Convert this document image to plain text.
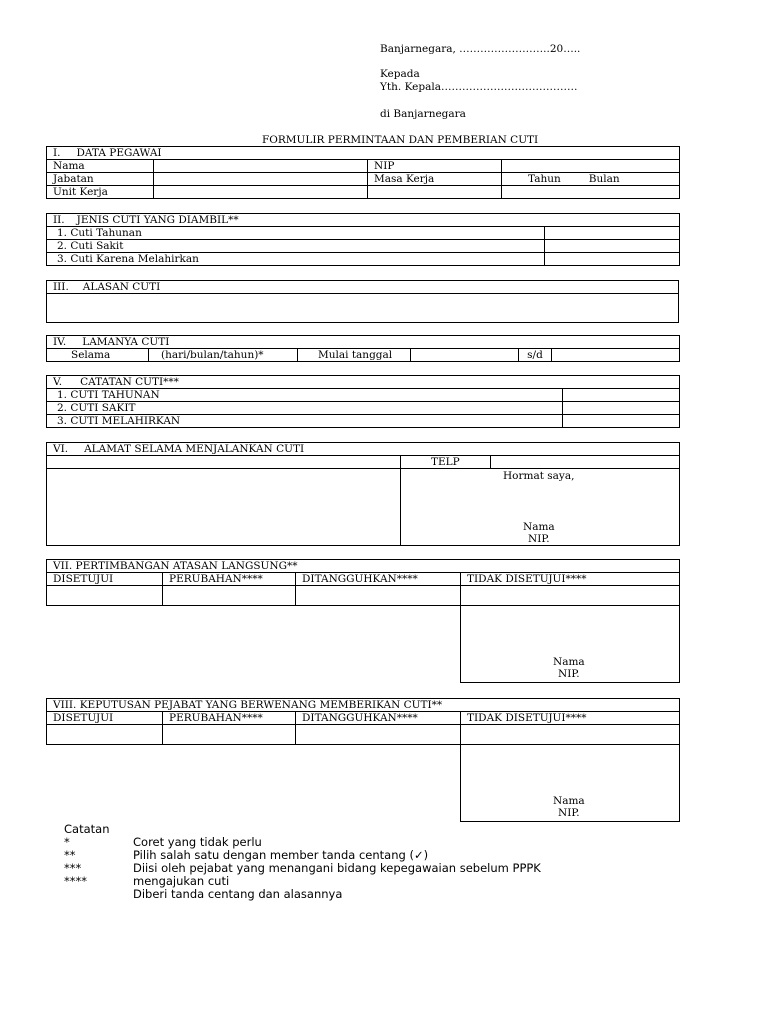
Banjarnegara, ……………………..20…..
Kepada
Yth. Kepala…………………………………
di Banjarnegara
FORMULIR PERMINTAAN DAN PEMBERIAN CUTI
I. DATA PEGAWAI			
Nama		NIP	
Jabatan		Masa Kerja	Tahun Bulan
Unit Kerja			
II. JENIS CUTI YANG DIAMBIL**	
1. Cuti Tahunan	
2. Cuti Sakit	
3. Cuti Karena Melahirkan	
III. ALASAN CUTI

IV. LAMANYA CUTI
Selama	(hari/bulan/tahun)*	Mulai tanggal		s/d	
V. CATATAN CUTI***	
1. CUTI TAHUNAN	
2. CUTI SAKIT	
3. CUTI MELAHIRKAN	
VI. ALAMAT SELAMA MENJALANKAN CUTI		
	TELP	

	Hormat saya,
Nama
NIP.	
VII. PERTIMBANGAN ATASAN LANGSUNG**			
DISETUJUI	PERUBAHAN****	DITANGGUHKAN****	TIDAK DISETUJUI****

			Nama
NIP.
VIII. KEPUTUSAN PEJABAT YANG BERWENANG MEMBERIKAN CUTI**			
DISETUJUI	PERUBAHAN****	DITANGGUHKAN****	TIDAK DISETUJUI****

			Nama
NIP.
Catatan
*	Coret yang tidak perlu
**	Pilih salah satu dengan member tanda centang (✓)
***	Diisi oleh pejabat yang menangani bidang kepegawaian sebelum PPPK
****	mengajukan cuti
Diberi tanda centang dan alasannya
